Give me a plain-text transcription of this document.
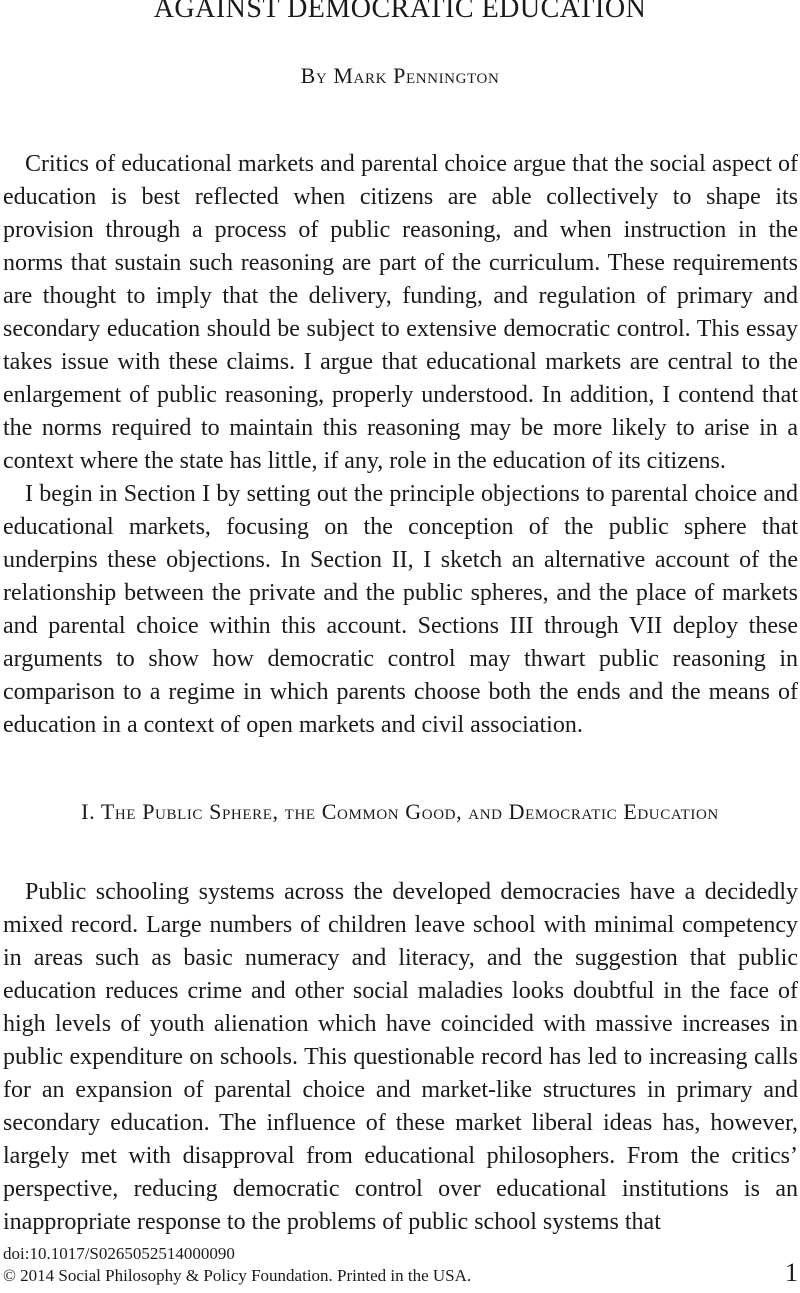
AGAINST DEMOCRATIC EDUCATION
By Mark Pennington

Critics of educational markets and parental choice argue that the social aspect of education is best reflected when citizens are able collectively to shape its provision through a process of public reasoning, and when instruction in the norms that sustain such reasoning are part of the curriculum. These requirements are thought to imply that the delivery, funding, and regulation of primary and secondary education should be subject to extensive democratic control. This essay takes issue with these claims. I argue that educational markets are central to the enlargement of public reasoning, properly understood. In addition, I contend that the norms required to maintain this reasoning may be more likely to arise in a context where the state has little, if any, role in the education of its citizens.

I begin in Section I by setting out the principle objections to parental choice and educational markets, focusing on the conception of the public sphere that underpins these objections. In Section II, I sketch an alternative account of the relationship between the private and the public spheres, and the place of markets and parental choice within this account. Sections III through VII deploy these arguments to show how democratic control may thwart public reasoning in comparison to a regime in which parents choose both the ends and the means of education in a context of open markets and civil association.

I. The Public Sphere, the Common Good, and Democratic Education

Public schooling systems across the developed democracies have a decidedly mixed record. Large numbers of children leave school with minimal competency in areas such as basic numeracy and literacy, and the suggestion that public education reduces crime and other social maladies looks doubtful in the face of high levels of youth alienation which have coincided with massive increases in public expenditure on schools. This questionable record has led to increasing calls for an expansion of parental choice and market-like structures in primary and secondary education. The influence of these market liberal ideas has, however, largely met with disapproval from educational philosophers. From the critics’ perspective, reducing democratic control over educational institutions is an inappropriate response to the problems of public school systems that

doi:10.1017/S0265052514000090
© 2014 Social Philosophy & Policy Foundation. Printed in the USA.	1
